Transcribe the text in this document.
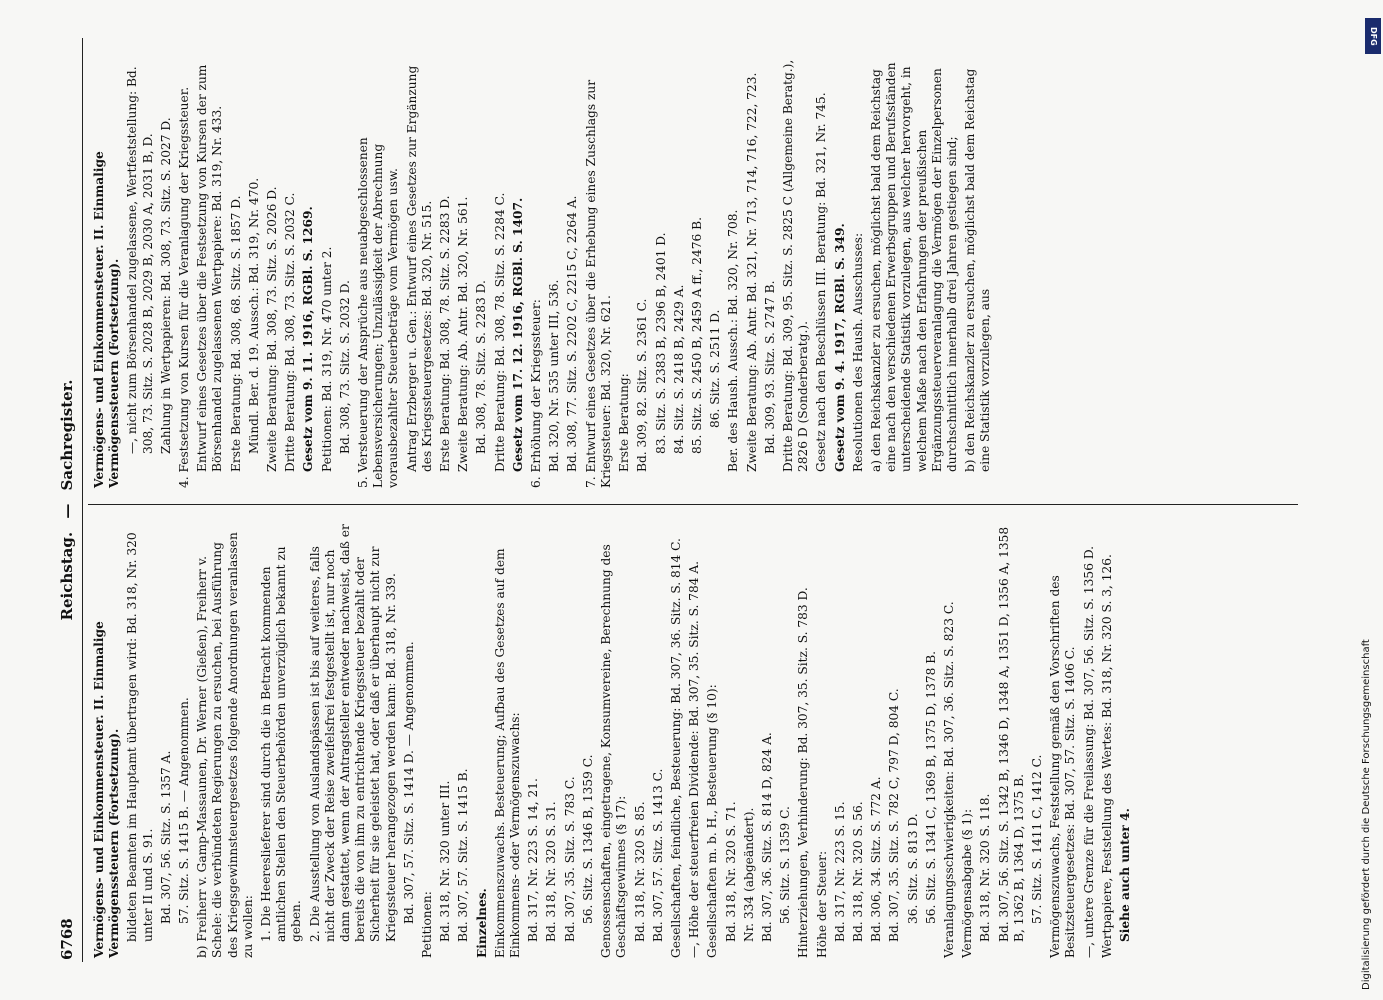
6768
Reichstag. — Sachregister.

Vermögens- und Einkommensteuer. II. Einmalige Vermögenssteuern (Fortsetzung). bildeten Beamten im Hauptamt übertragen wird: Bd. 318, Nr. 320 unter II und S. 91. Bd. 307, 56. Sitz. S. 1357 A. 57. Sitz. S. 1415 B. — Angenommen. b) Freiherr v. Gamp-Massaunen, Dr. Werner (Gießen), Freiherr v. Schele: die verbündeten Regierungen zu ersuchen, bei Ausführung des Kriegsgewinnsteuergesetzes folgende Anordnungen veranlassen zu wollen: 1. Die Heereslieferer sind durch die in Betracht kommenden amtlichen Stellen den Steuerbehörden unverzüglich bekannt zu geben. 2. Die Ausstellung von Auslandspässen ist bis auf weiteres, falls nicht der Zweck der Reise zweifelsfrei festgestellt ist, nur noch dann gestattet, wenn der Antragsteller entweder nachweist, daß er bereits die von ihm zu entrichtende Kriegssteuer bezahlt oder Sicherheit für sie geleistet hat, oder daß er überhaupt nicht zur Kriegssteuer herangezogen werden kann: Bd. 318, Nr. 339. Bd. 307, 57. Sitz. S. 1414 D. — Angenommen.

Petitionen: Bd. 318, Nr. 320 unter III. Bd. 307, 57. Sitz. S. 1415 B. Einzelnes. Einkommenszuwachs. Besteuerung; Aufbau des Gesetzes auf dem Einkommens- oder Vermögenszuwachs: Bd. 317, Nr. 223 S. 14, 21. Bd. 318, Nr. 320 S. 31. Bd. 307, 35. Sitz. S. 783 C. 56. Sitz. S. 1346 B, 1359 C. Genossenschaften, eingetragene, Konsumvereine, Berechnung des Geschäftsgewinnes (§ 17): Bd. 318, Nr. 320 S. 85. Bd. 307, 57. Sitz. S. 1413 C. Gesellschaften, feindliche, Besteuerung: Bd. 307, 36. Sitz. S. 814 C. —, Höhe der steuerfreien Dividende: Bd. 307, 35. Sitz. S. 784 A. Gesellschaften m. b. H., Besteuerung (§ 10): Bd. 318, Nr. 320 S. 71. Nr. 334 (abgeändert). Bd. 307, 36. Sitz. S. 814 D, 824 A. 56. Sitz. S. 1359 C. Hinterziehungen, Verhinderung: Bd. 307, 35. Sitz. S. 783 D. Höhe der Steuer: Bd. 317, Nr. 223 S. 15. Bd. 318, Nr. 320 S. 56. Bd. 306, 34. Sitz. S. 772 A. Bd. 307, 35. Sitz. S. 782 C, 797 D, 804 C. 36. Sitz. S. 813 D. 56. Sitz. S. 1341 C, 1369 B, 1375 D, 1378 B. Veranlagungsschwierigkeiten: Bd. 307, 36. Sitz. S. 823 C. Vermögensabgabe (§ 1): Bd. 318, Nr. 320 S. 118. Bd. 307, 56. Sitz. S. 1342 B, 1346 D, 1348 A, 1351 D, 1356 A, 1358 B, 1362 B, 1364 D, 1375 B. 57. Sitz. S. 1411 C, 1412 C. Vermögenszuwachs, Feststellung gemäß den Vorschriften des Besitzsteuergesetzes: Bd. 307, 57. Sitz. S. 1406 C. —, untere Grenze für die Freilassung: Bd. 307, 56. Sitz. S. 1356 D. Wertpapiere, Feststellung des Wertes: Bd. 318, Nr. 320 S. 3, 126. Siehe auch unter 4.

Vermögens- und Einkommensteuer. II. Einmalige Vermögenssteuern (Fortsetzung). —, nicht zum Börsenhandel zugelassene, Wertfeststellung: Bd. 308, 73. Sitz. S. 2028 B, 2029 B, 2030 A, 2031 B, D. Zahlung in Wertpapieren: Bd. 308, 73. Sitz. S. 2027 D. 4. Festsetzung von Kursen für die Veranlagung der Kriegssteuer. Entwurf eines Gesetzes über die Festsetzung von Kursen der zum Börsenhandel zugelassenen Wertpapiere: Bd. 319, Nr. 433. Erste Beratung: Bd. 308, 68. Sitz. S. 1857 D. Mündl. Ber. d. 19. Aussch.: Bd. 319, Nr. 470. Zweite Beratung: Bd. 308, 73. Sitz. S. 2026 D. Dritte Beratung: Bd. 308, 73. Sitz. S. 2032 C. Gesetz vom 9. 11. 1916, RGBl. S. 1269. Petitionen: Bd. 319, Nr. 470 unter 2. Bd. 308, 73. Sitz. S. 2032 D. 5. Versteuerung der Ansprüche aus neuabgeschlossenen Lebensversicherungen; Unzulässigkeit der Abrechnung vorausbezahlter Steuerbeträge vom Vermögen usw. Antrag Erzberger u. Gen.: Entwurf eines Gesetzes zur Ergänzung des Kriegssteuergesetzes: Bd. 320, Nr. 515. Erste Beratung: Bd. 308, 78. Sitz. S. 2283 D. Zweite Beratung: Ab. Antr. Bd. 320, Nr. 561. Bd. 308, 78. Sitz. S. 2283 D. Dritte Beratung: Bd. 308, 78. Sitz. S. 2284 C. Gesetz vom 17. 12. 1916, RGBl. S. 1407. 6. Erhöhung der Kriegssteuer: Bd. 320, Nr. 535 unter III, 536. Bd. 308, 77. Sitz. S. 2202 C, 2215 C, 2264 A. 7. Entwurf eines Gesetzes über die Erhebung eines Zuschlags zur Kriegssteuer: Bd. 320, Nr. 621. Erste Beratung: Bd. 309, 82. Sitz. S. 2361 C. 83. Sitz. S. 2383 B, 2396 B, 2401 D. 84. Sitz. S. 2418 B, 2429 A. 85. Sitz. S. 2450 B, 2459 A ff., 2476 B. 86. Sitz. S. 2511 D. Ber. des Haush. Aussch.: Bd. 320, Nr. 708. Zweite Beratung: Ab. Antr. Bd. 321, Nr. 713, 714, 716, 722, 723. Bd. 309, 93. Sitz. S. 2747 B. Dritte Beratung: Bd. 309, 95. Sitz. S. 2825 C (Allgemeine Beratg.), 2826 D (Sonderberatg.). Gesetz nach den Beschlüssen III. Beratung: Bd. 321, Nr. 745. Gesetz vom 9. 4. 1917, RGBl. S. 349. Resolutionen des Haush. Ausschusses: a) den Reichskanzler zu ersuchen, möglichst bald dem Reichstag eine nach den verschiedenen Erwerbsgruppen und Berufsständen unterscheidende Statistik vorzulegen, aus welcher hervorgeht, in welchem Maße nach den Erfahrungen der preußischen Ergänzungssteuerveranlagung die Vermögen der Einzelpersonen durchschnittlich innerhalb drei Jahren gestiegen sind; b) den Reichskanzler zu ersuchen, möglichst bald dem Reichstag eine Statistik vorzulegen, aus

DFG
Digitalisierung gefördert durch die Deutsche Forschungsgemeinschaft
